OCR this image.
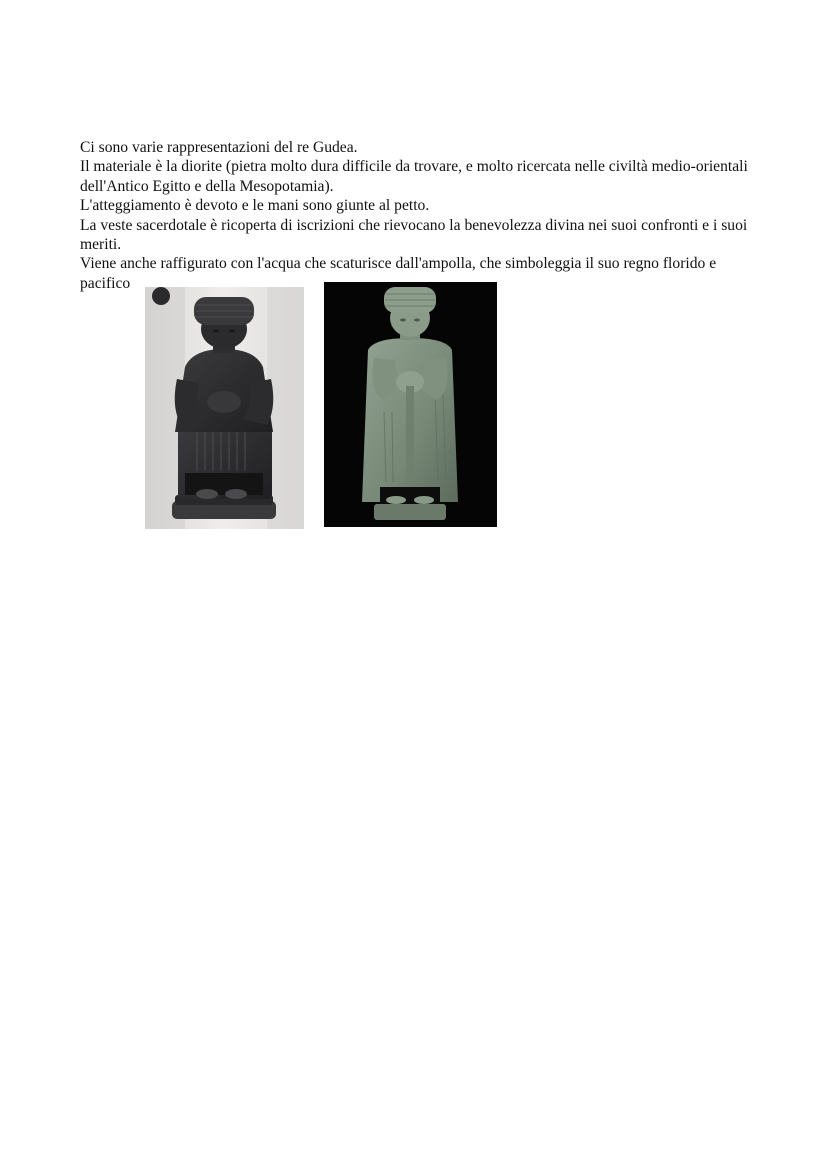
Ci sono varie rappresentazioni del re Gudea.

Il materiale è la diorite (pietra molto dura difficile da trovare, e molto ricercata nelle civiltà medio-orientali dell'Antico Egitto e della Mesopotamia).

L'atteggiamento è devoto e le mani sono giunte al petto.

La veste sacerdotale è ricoperta di iscrizioni che rievocano la benevolezza divina nei suoi confronti e i suoi meriti.

Viene anche raffigurato con l'acqua che scaturisce dall'ampolla, che simboleggia il suo regno florido e pacifico
